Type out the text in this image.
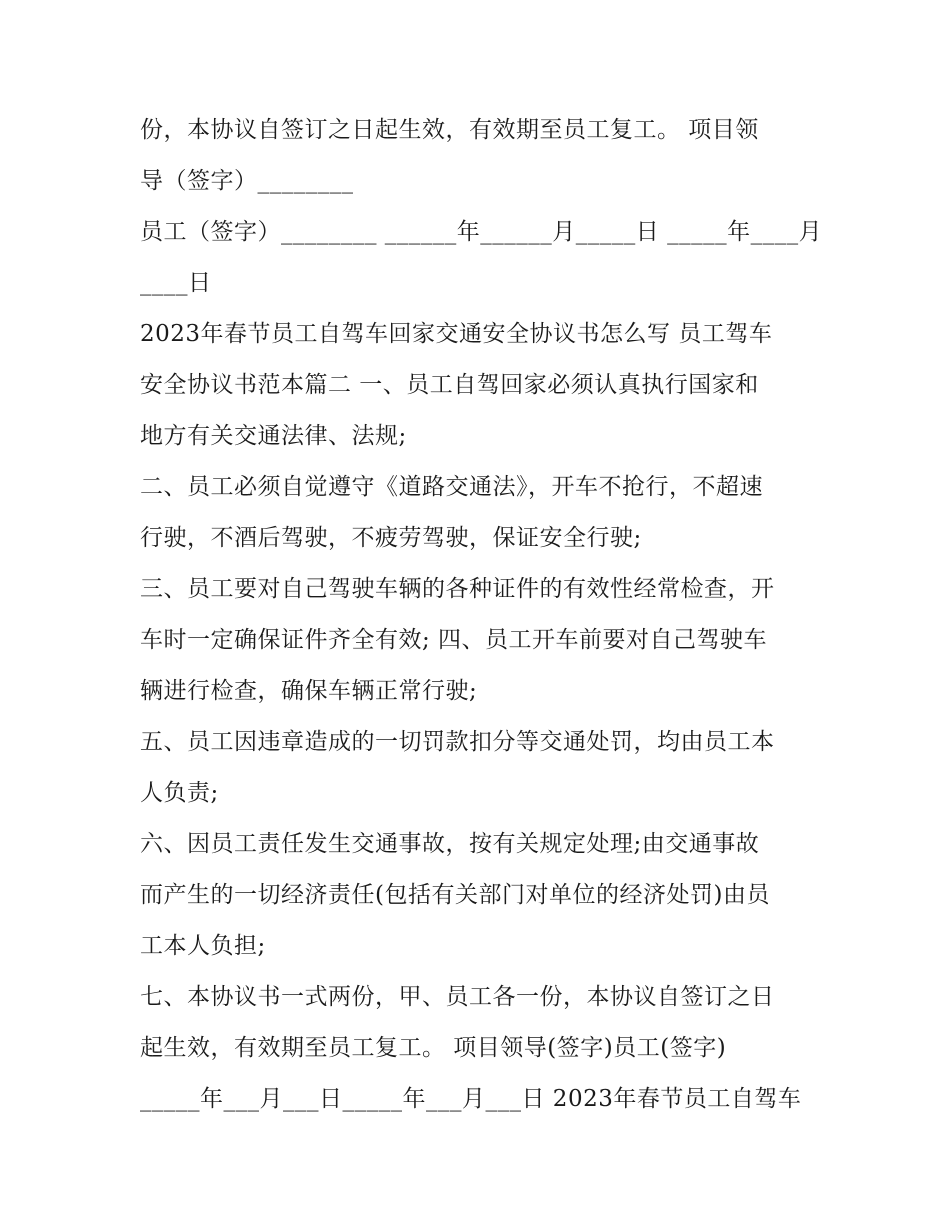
份，本协议自签订之日起生效，有效期至员工复工。 项目领

导（签字）________

员工（签字）________ ______年______月_____日 _____年____月

____日

2023年春节员工自驾车回家交通安全协议书怎么写 员工驾车

安全协议书范本篇二 一、员工自驾回家必须认真执行国家和

地方有关交通法律、法规;

二、员工必须自觉遵守《道路交通法》，开车不抢行，不超速

行驶，不酒后驾驶，不疲劳驾驶，保证安全行驶;

三、员工要对自己驾驶车辆的各种证件的有效性经常检查，开

车时一定确保证件齐全有效; 四、员工开车前要对自己驾驶车

辆进行检查，确保车辆正常行驶;

五、员工因违章造成的一切罚款扣分等交通处罚，均由员工本

人负责;

六、因员工责任发生交通事故，按有关规定处理;由交通事故

而产生的一切经济责任(包括有关部门对单位的经济处罚)由员

工本人负担;

七、本协议书一式两份，甲、员工各一份，本协议自签订之日

起生效，有效期至员工复工。 项目领导(签字)员工(签字)

_____年___月___日_____年___月___日 2023年春节员工自驾车
